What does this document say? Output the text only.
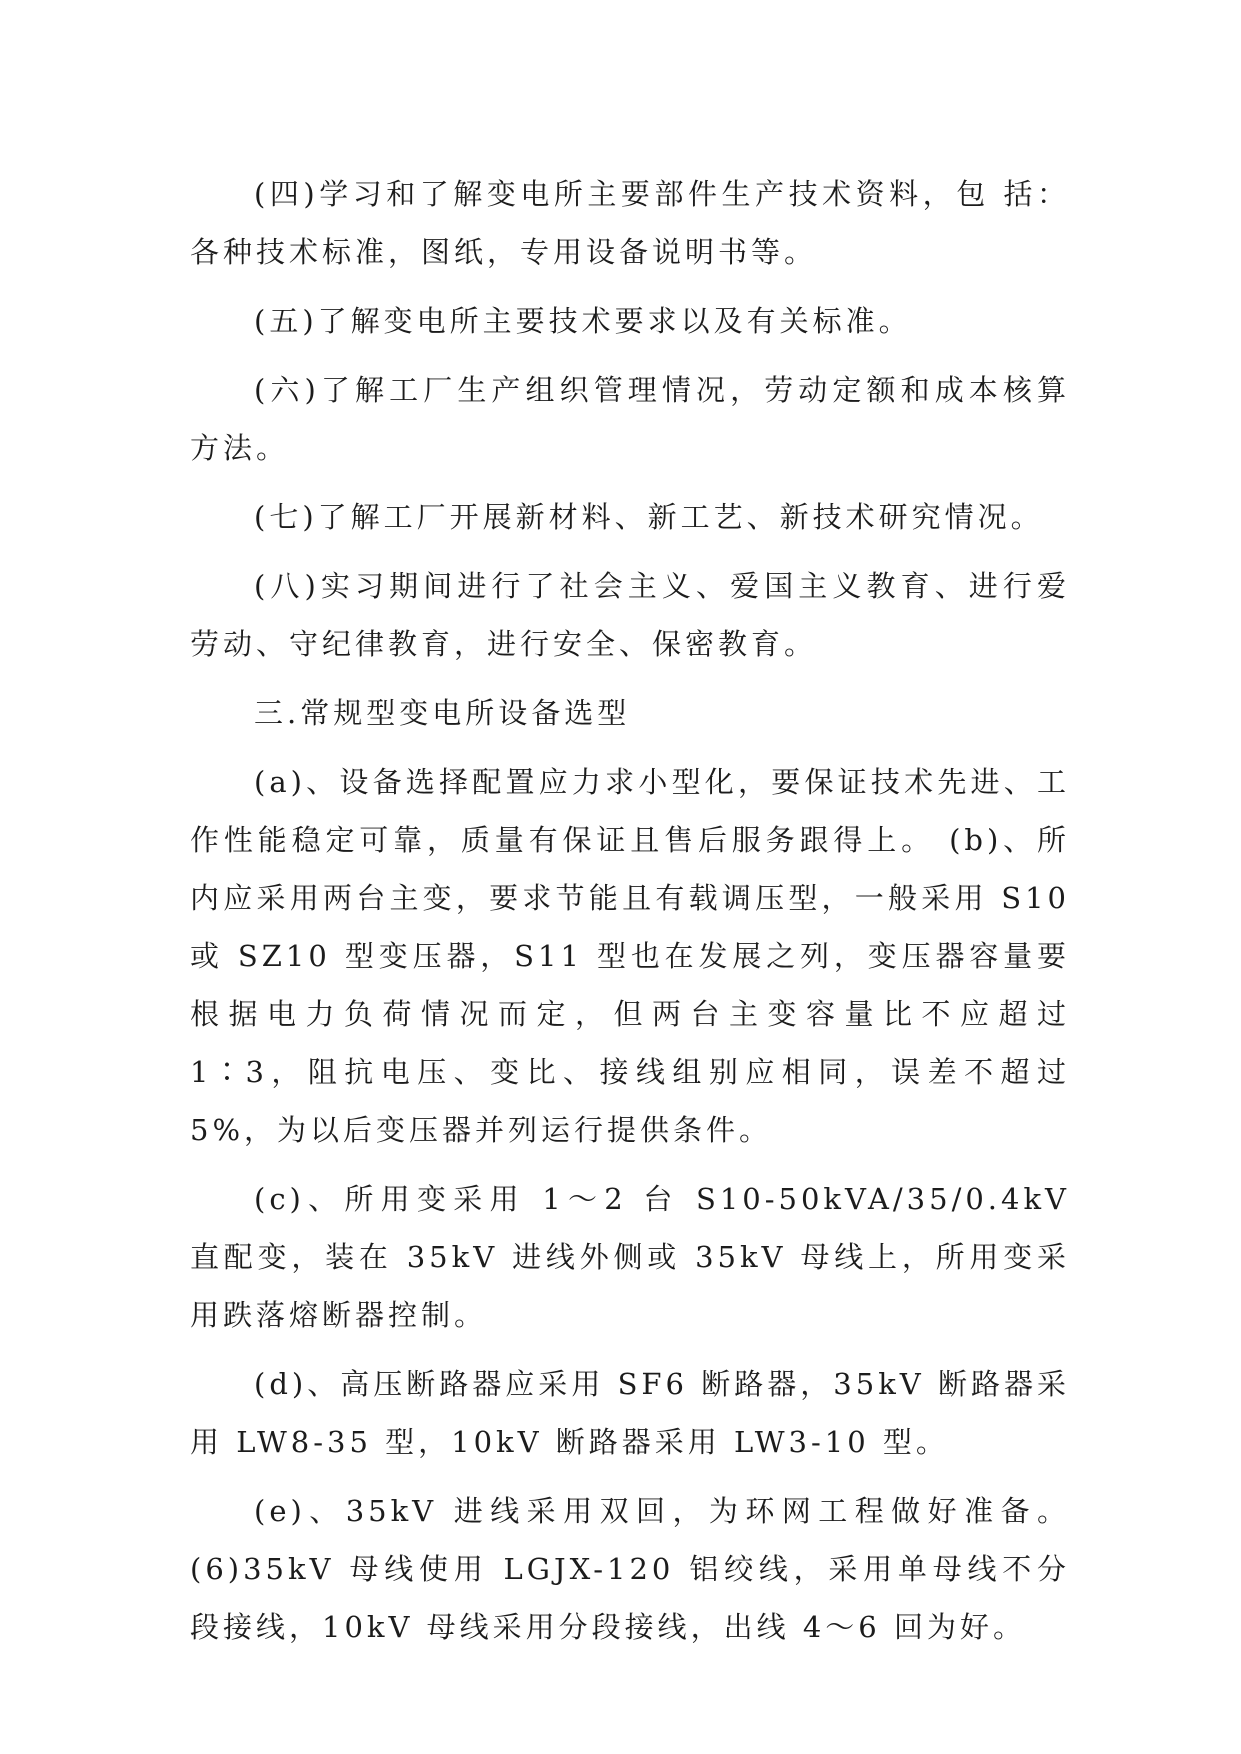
(四)学习和了解变电所主要部件生产技术资料，包 括：各种技术标准，图纸，专用设备说明书等。

(五)了解变电所主要技术要求以及有关标准。

(六)了解工厂生产组织管理情况，劳动定额和成本核算方法。

(七)了解工厂开展新材料、新工艺、新技术研究情况。

(八)实习期间进行了社会主义、爱国主义教育、进行爱劳动、守纪律教育，进行安全、保密教育。

三.常规型变电所设备选型

(a)、设备选择配置应力求小型化，要保证技术先进、工作性能稳定可靠，质量有保证且售后服务跟得上。 (b)、所内应采用两台主变，要求节能且有载调压型，一般采用 S10 或 SZ10 型变压器，S11 型也在发展之列，变压器容量要根据电力负荷情况而定，但两台主变容量比不应超过 1∶3，阻抗电压、变比、接线组别应相同，误差不超过 5%，为以后变压器并列运行提供条件。

(c)、所用变采用 1～2 台 S10-50kVA/35/0.4kV 直配变，装在 35kV 进线外侧或 35kV 母线上，所用变采用跌落熔断器控制。

(d)、高压断路器应采用 SF6 断路器，35kV 断路器采用 LW8-35 型，10kV 断路器采用 LW3-10 型。

(e)、35kV 进线采用双回，为环网工程做好准备。(6)35kV 母线使用 LGJX-120 铝绞线，采用单母线不分段接线，10kV 母线采用分段接线，出线 4～6 回为好。
